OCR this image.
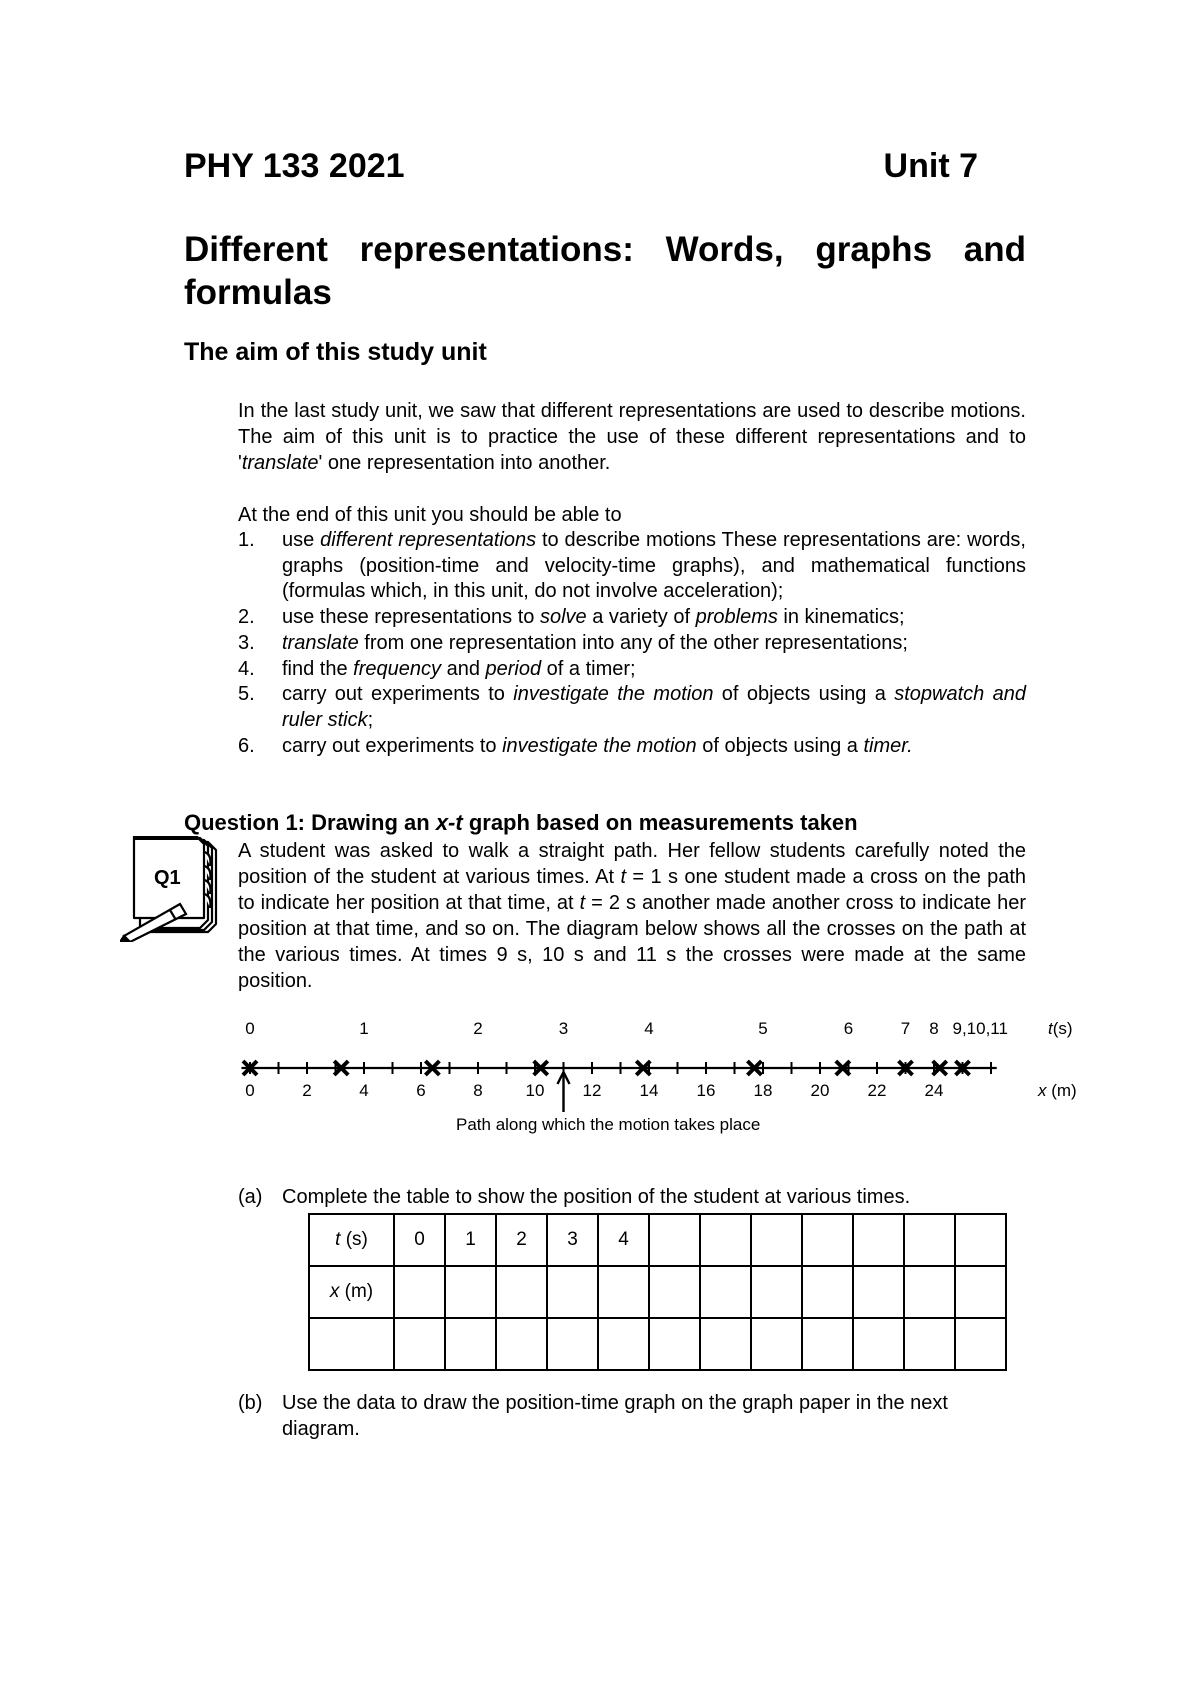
PHY 133 2021	Unit 7
Different representations: Words, graphs and formulas
The aim of this study unit

In the last study unit, we saw that different representations are used to describe motions. The aim of this unit is to practice the use of these different representations and to 'translate' one representation into another.

At the end of this unit you should be able to

1. use different representations to describe motions These representations are: words, graphs (position-time and velocity-time graphs), and mathematical functions (formulas which, in this unit, do not involve acceleration);
2. use these representations to solve a variety of problems in kinematics;
3. translate from one representation into any of the other representations;
4. find the frequency and period of a timer;
5. carry out experiments to investigate the motion of objects using a stopwatch and ruler stick;
6. carry out experiments to investigate the motion of objects using a timer.
Question 1: Drawing an x-t graph based on measurements taken
Q1

A student was asked to walk a straight path. Her fellow students carefully noted the position of the student at various times. At t = 1 s one student made a cross on the path to indicate her position at that time, at t = 2 s another made another cross to indicate her position at that time, and so on. The diagram below shows all the crosses on the path at the various times. At times 9 s, 10 s and 11 s the crosses were made at the same position.

0	1	2	3	4	5	6	7 8 9,10,11 t(s)
0	2	4	6	8	10 12 14 16 18 20 22 24	x (m)
Path along which the motion takes place

(a) Complete the table to show the position of the student at various times.

t (s)	0	1	2	3	4							
x (m)												

(b) Use the data to draw the position-time graph on the graph paper in the next diagram.
